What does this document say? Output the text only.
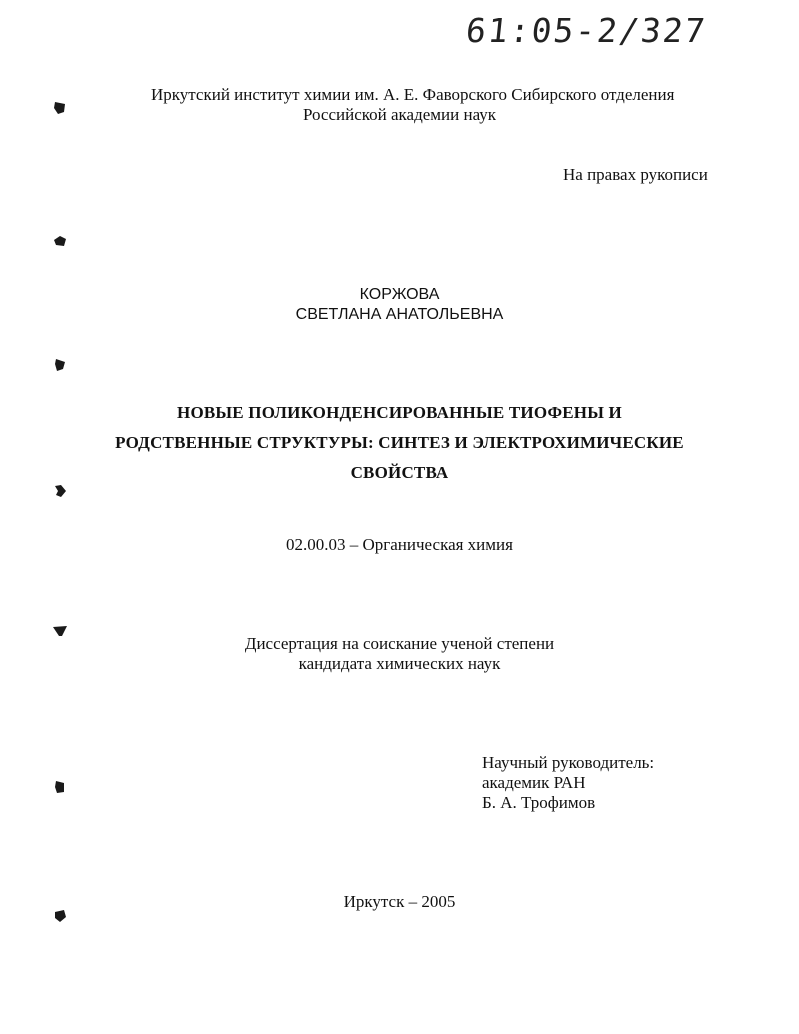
61:05-2/327
Иркутский институт химии им. А. Е. Фаворского Сибирского отделения
Российской академии наук
На правах рукописи
КОРЖОВА
СВЕТЛАНА АНАТОЛЬЕВНА
НОВЫЕ ПОЛИКОНДЕНСИРОВАННЫЕ ТИОФЕНЫ И
РОДСТВЕННЫЕ СТРУКТУРЫ: СИНТЕЗ И ЭЛЕКТРОХИМИЧЕСКИЕ
СВОЙСТВА
02.00.03 – Органическая химия
Диссертация на соискание ученой степени
кандидата химических наук
Научный руководитель:
академик РАН
Б. А. Трофимов
Иркутск – 2005
